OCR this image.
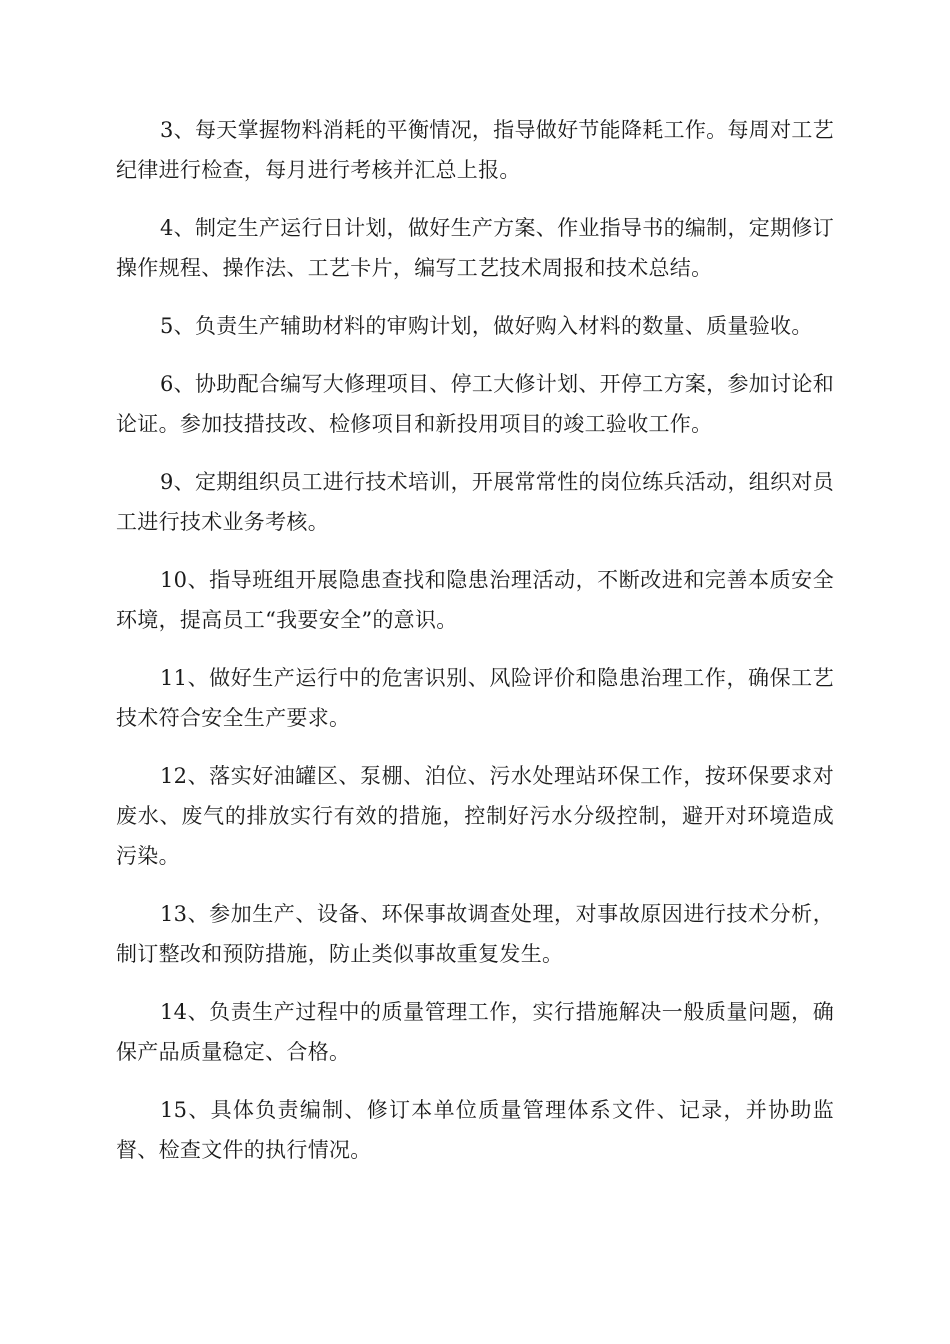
3、每天掌握物料消耗的平衡情况，指导做好节能降耗工作。每周对工艺纪律进行检查，每月进行考核并汇总上报。

4、制定生产运行日计划，做好生产方案、作业指导书的编制，定期修订操作规程、操作法、工艺卡片，编写工艺技术周报和技术总结。

5、负责生产辅助材料的审购计划，做好购入材料的数量、质量验收。

6、协助配合编写大修理项目、停工大修计划、开停工方案，参加讨论和论证。参加技措技改、检修项目和新投用项目的竣工验收工作。

9、定期组织员工进行技术培训，开展常常性的岗位练兵活动，组织对员工进行技术业务考核。

10、指导班组开展隐患查找和隐患治理活动，不断改进和完善本质安全环境，提高员工“我要安全”的意识。

11、做好生产运行中的危害识别、风险评价和隐患治理工作，确保工艺技术符合安全生产要求。

12、落实好油罐区、泵棚、泊位、污水处理站环保工作，按环保要求对废水、废气的排放实行有效的措施，控制好污水分级控制，避开对环境造成污染。

13、参加生产、设备、环保事故调查处理，对事故原因进行技术分析，制订整改和预防措施，防止类似事故重复发生。

14、负责生产过程中的质量管理工作，实行措施解决一般质量问题，确保产品质量稳定、合格。

15、具体负责编制、修订本单位质量管理体系文件、记录，并协助监督、检查文件的执行情况。
